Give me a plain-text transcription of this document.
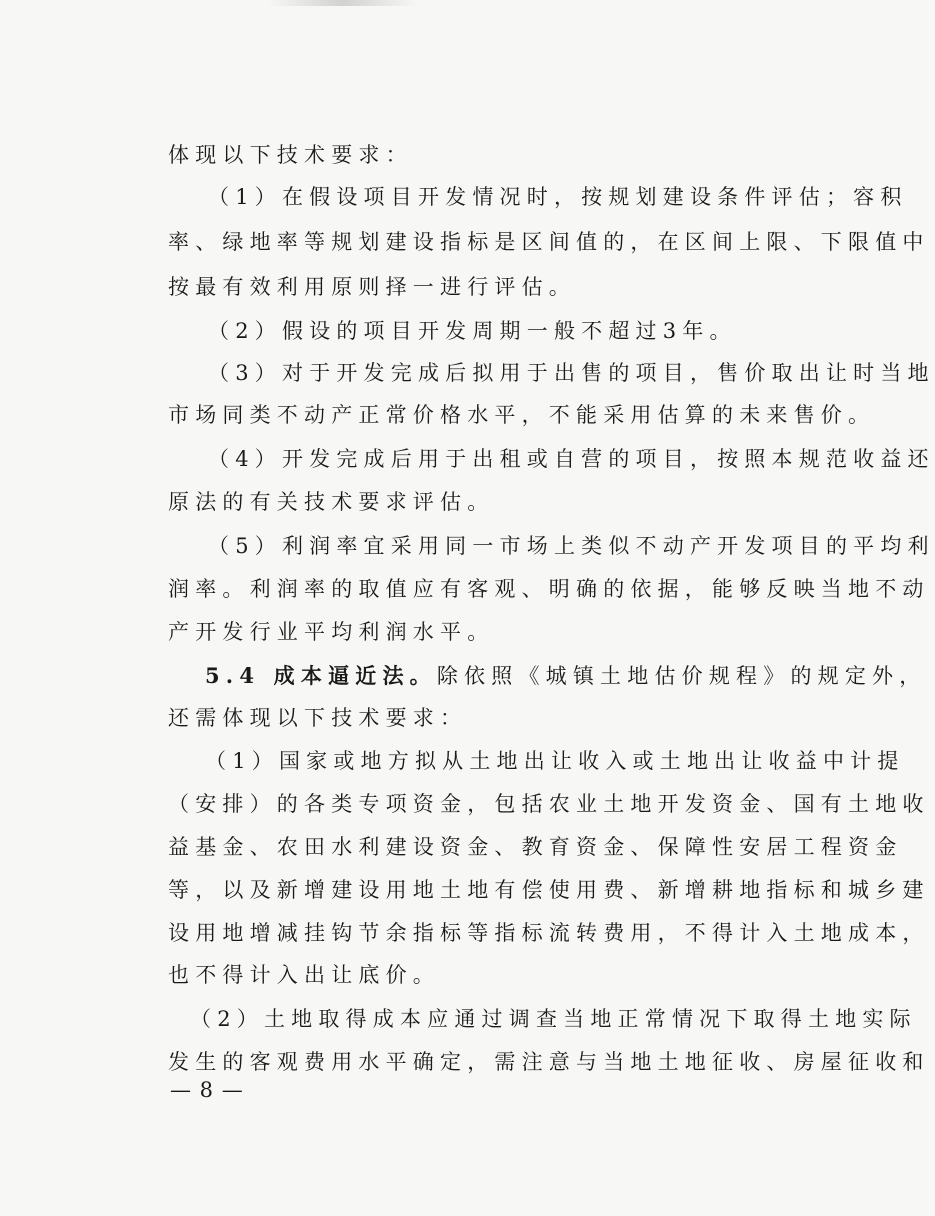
体现以下技术要求：
（1）在假设项目开发情况时，按规划建设条件评估；容积
率、绿地率等规划建设指标是区间值的，在区间上限、下限值中
按最有效利用原则择一进行评估。
（2）假设的项目开发周期一般不超过3年。
（3）对于开发完成后拟用于出售的项目，售价取出让时当地
市场同类不动产正常价格水平，不能采用估算的未来售价。
（4）开发完成后用于出租或自营的项目，按照本规范收益还
原法的有关技术要求评估。
（5）利润率宜采用同一市场上类似不动产开发项目的平均利
润率。利润率的取值应有客观、明确的依据，能够反映当地不动
产开发行业平均利润水平。
5.4 成本逼近法。除依照《城镇土地估价规程》的规定外，
还需体现以下技术要求：
（1）国家或地方拟从土地出让收入或土地出让收益中计提
（安排）的各类专项资金，包括农业土地开发资金、国有土地收
益基金、农田水利建设资金、教育资金、保障性安居工程资金
等，以及新增建设用地土地有偿使用费、新增耕地指标和城乡建
设用地增减挂钩节余指标等指标流转费用，不得计入土地成本，
也不得计入出让底价。
（2）土地取得成本应通过调查当地正常情况下取得土地实际
发生的客观费用水平确定，需注意与当地土地征收、房屋征收和
— 8 —
